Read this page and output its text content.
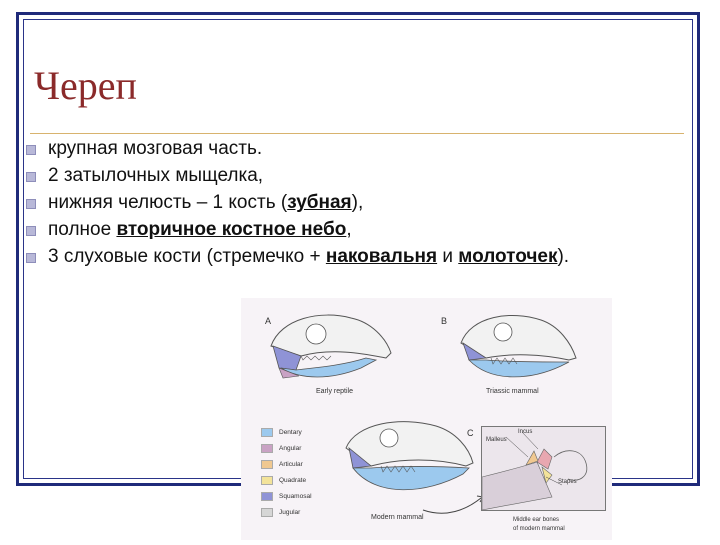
Череп
крупная мозговая часть.
2 затылочных мыщелка,
нижняя челюсть – 1 кость (зубная),
полное вторичное костное небо,
3 слуховые кости (стремечко + наковальня и молоточек).
A	B
C
Early reptile	Triassic mammal
Modern mammal
Dentary
Angular
Articular
Quadrate
Squamosal
Jugular
Incus
Malleus
Stapes
Middle ear bones
of modern mammal
